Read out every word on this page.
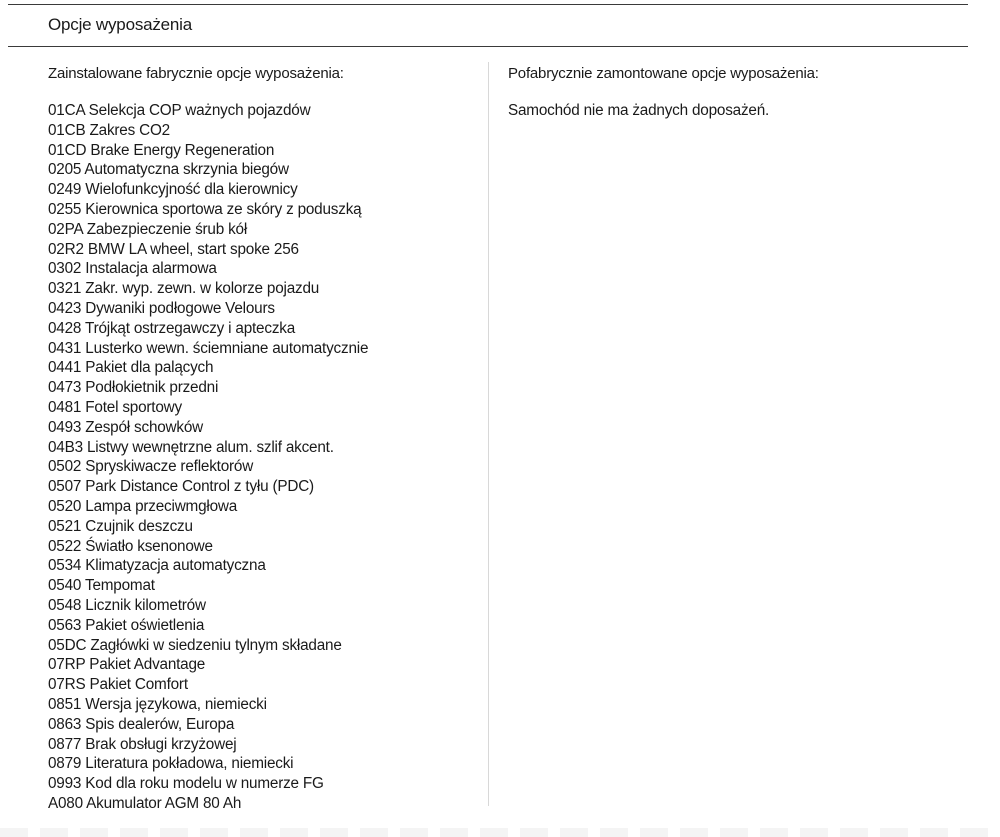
Opcje wyposażenia
Zainstalowane fabrycznie opcje wyposażenia:
01CA Selekcja COP ważnych pojazdów
01CB Zakres CO2
01CD Brake Energy Regeneration
0205 Automatyczna skrzynia biegów
0249 Wielofunkcyjność dla kierownicy
0255 Kierownica sportowa ze skóry z poduszką
02PA Zabezpieczenie śrub kół
02R2 BMW LA wheel, start spoke 256
0302 Instalacja alarmowa
0321 Zakr. wyp. zewn. w kolorze pojazdu
0423 Dywaniki podłogowe Velours
0428 Trójkąt ostrzegawczy i apteczka
0431 Lusterko wewn. ściemniane automatycznie
0441 Pakiet dla palących
0473 Podłokietnik przedni
0481 Fotel sportowy
0493 Zespół schowków
04B3 Listwy wewnętrzne alum. szlif akcent.
0502 Spryskiwacze reflektorów
0507 Park Distance Control z tyłu (PDC)
0520 Lampa przeciwmgłowa
0521 Czujnik deszczu
0522 Światło ksenonowe
0534 Klimatyzacja automatyczna
0540 Tempomat
0548 Licznik kilometrów
0563 Pakiet oświetlenia
05DC Zagłówki w siedzeniu tylnym składane
07RP Pakiet Advantage
07RS Pakiet Comfort
0851 Wersja językowa, niemiecki
0863 Spis dealerów, Europa
0877 Brak obsługi krzyżowej
0879 Literatura pokładowa, niemiecki
0993 Kod dla roku modelu w numerze FG
A080 Akumulator AGM 80 Ah
Pofabrycznie zamontowane opcje wyposażenia:

Samochód nie ma żadnych doposażeń.
